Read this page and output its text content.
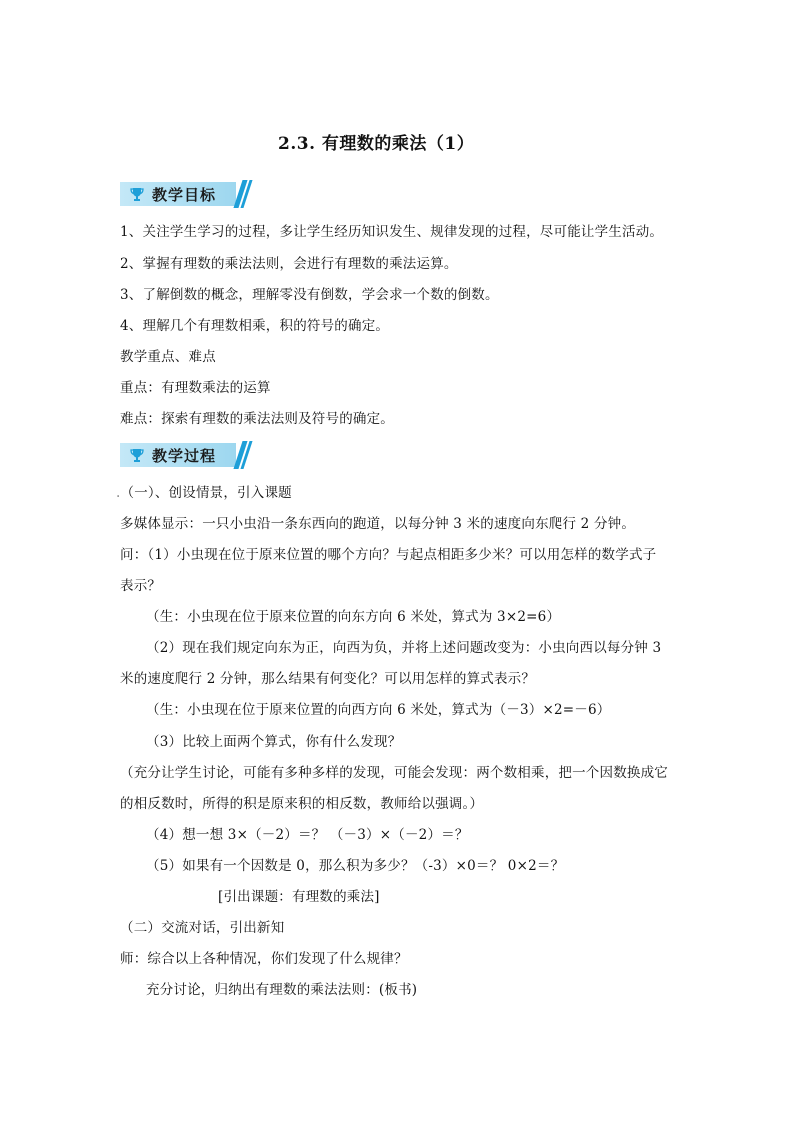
2.3. 有理数的乘法（1）
教学目标
1、关注学生学习的过程，多让学生经历知识发生、规律发现的过程，尽可能让学生活动。
2、掌握有理数的乘法法则，会进行有理数的乘法运算。
3、了解倒数的概念，理解零没有倒数，学会求一个数的倒数。
4、理解几个有理数相乘，积的符号的确定。
教学重点、难点
重点：有理数乘法的运算
难点：探索有理数的乘法法则及符号的确定。
教学过程
.（一）、创设情景，引入课题
多媒体显示：一只小虫沿一条东西向的跑道，以每分钟 3 米的速度向东爬行 2 分钟。
问：（1）小虫现在位于原来位置的哪个方向？与起点相距多少米？可以用怎样的数学式子
表示？
（生：小虫现在位于原来位置的向东方向 6 米处，算式为 3×2=6）
（2）现在我们规定向东为正，向西为负，并将上述问题改变为：小虫向西以每分钟 3
米的速度爬行 2 分钟，那么结果有何变化？可以用怎样的算式表示？
（生：小虫现在位于原来位置的向西方向 6 米处，算式为（－3）×2=－6）
（3）比较上面两个算式，你有什么发现？
（充分让学生讨论，可能有多种多样的发现，可能会发现：两个数相乘，把一个因数换成它
的相反数时，所得的积是原来积的相反数，教师给以强调。）
（4）想一想 3×（－2）＝？ （－3）×（－2）＝？
（5）如果有一个因数是 0，那么积为多少？（-3）×0＝？ 0×2＝？
[引出课题：有理数的乘法]
（二）交流对话，引出新知
师：综合以上各种情况，你们发现了什么规律？
充分讨论，归纳出有理数的乘法法则：(板书)
